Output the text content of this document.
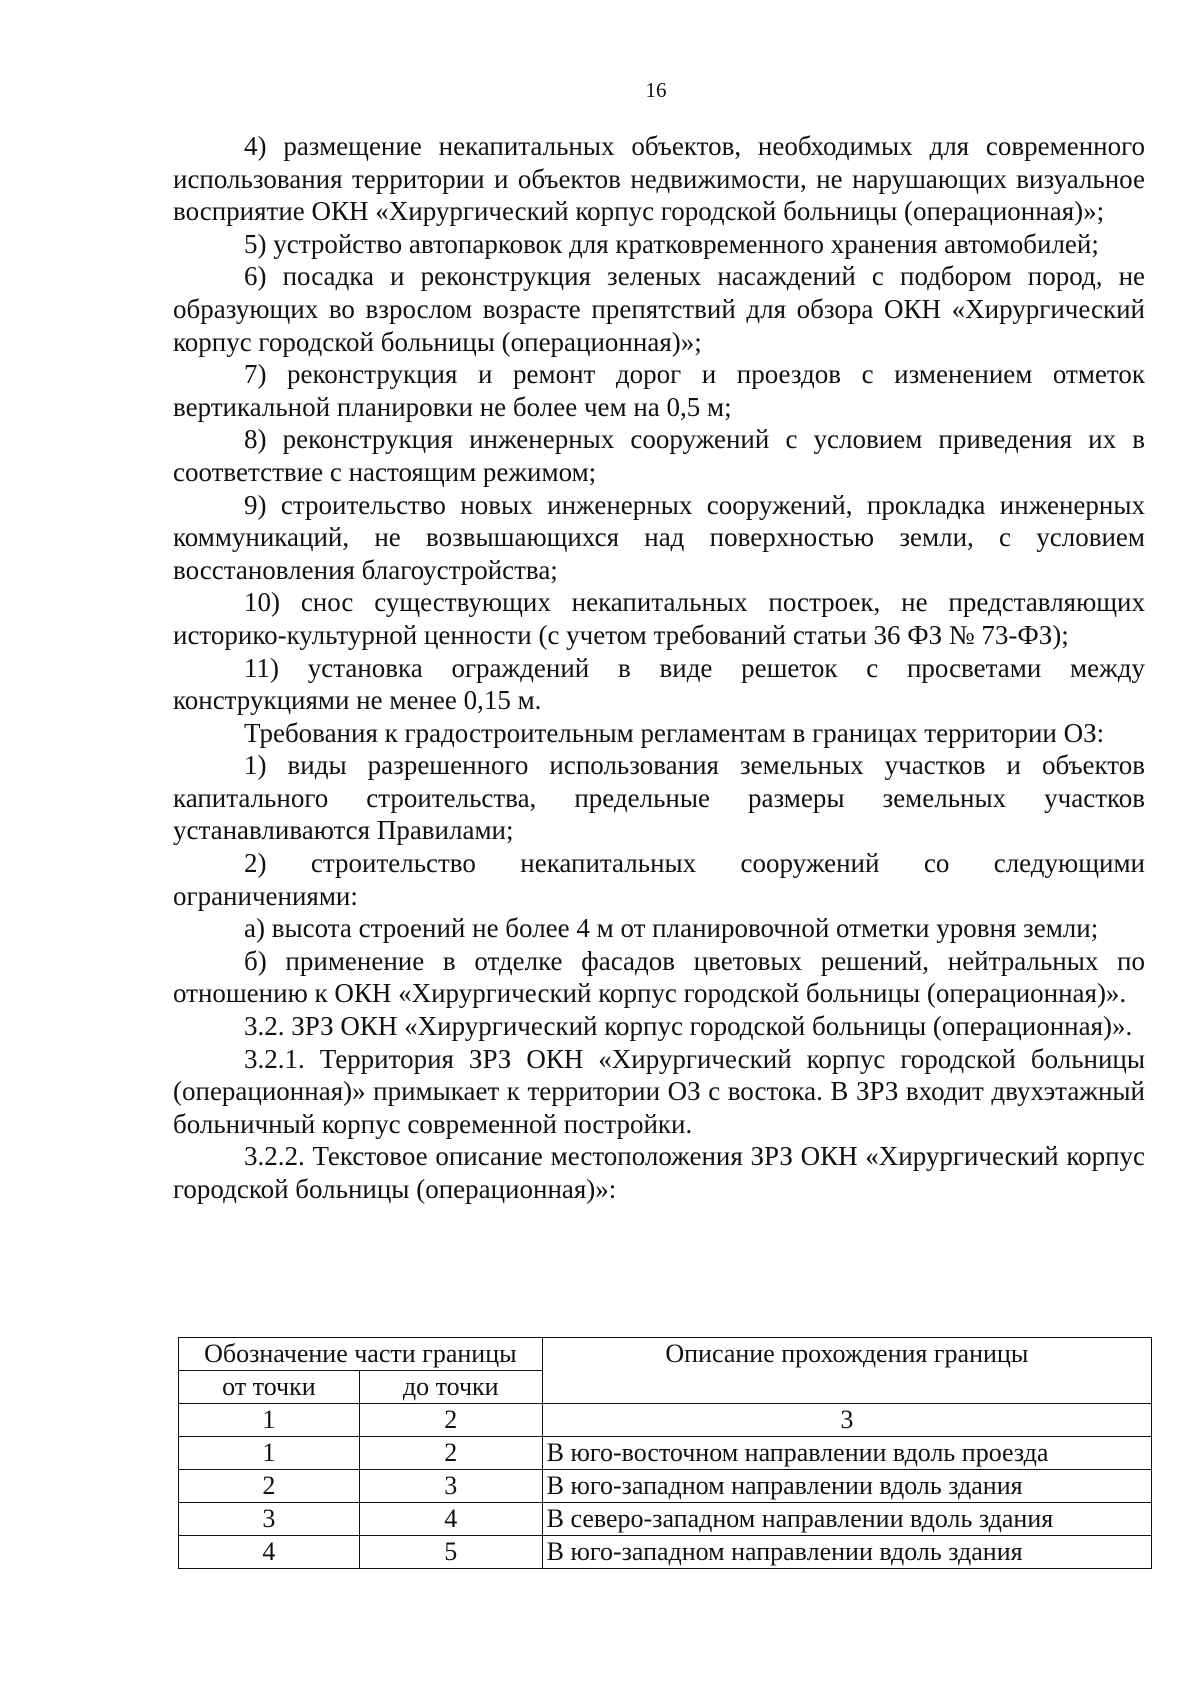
16

4) размещение некапитальных объектов, необходимых для современного использования территории и объектов недвижимости, не нарушающих визуальное восприятие ОКН «Хирургический корпус городской больницы (операционная)»;

5) устройство автопарковок для кратковременного хранения автомобилей;

6) посадка и реконструкция зеленых насаждений с подбором пород, не образующих во взрослом возрасте препятствий для обзора ОКН «Хирургический корпус городской больницы (операционная)»;

7) реконструкция и ремонт дорог и проездов с изменением отметок вертикальной планировки не более чем на 0,5 м;

8) реконструкция инженерных сооружений с условием приведения их в соответствие с настоящим режимом;

9) строительство новых инженерных сооружений, прокладка инженерных коммуникаций, не возвышающихся над поверхностью земли, с условием восстановления благоустройства;

10) снос существующих некапитальных построек, не представляющих историко-культурной ценности (с учетом требований статьи 36 ФЗ № 73-ФЗ);

11) установка ограждений в виде решеток с просветами между конструкциями не менее 0,15 м.

Требования к градостроительным регламентам в границах территории ОЗ:

1) виды разрешенного использования земельных участков и объектов капитального строительства, предельные размеры земельных участков устанавливаются Правилами;

2) строительство некапитальных сооружений со следующими ограничениями:

а) высота строений не более 4 м от планировочной отметки уровня земли;

б) применение в отделке фасадов цветовых решений, нейтральных по отношению к ОКН «Хирургический корпус городской больницы (операционная)».

3.2. ЗРЗ ОКН «Хирургический корпус городской больницы (операционная)».

3.2.1. Территория ЗРЗ ОКН «Хирургический корпус городской больницы (операционная)» примыкает к территории ОЗ с востока. В ЗРЗ входит двухэтажный больничный корпус современной постройки.

3.2.2. Текстовое описание местоположения ЗРЗ ОКН «Хирургический корпус городской больницы (операционная)»:

Обозначение части границы		Описание прохождения границы
от точки	до точки	
1	2	3
1	2	В юго-восточном направлении вдоль проезда
2	3	В юго-западном направлении вдоль здания
3	4	В северо-западном направлении вдоль здания
4	5	В юго-западном направлении вдоль здания
